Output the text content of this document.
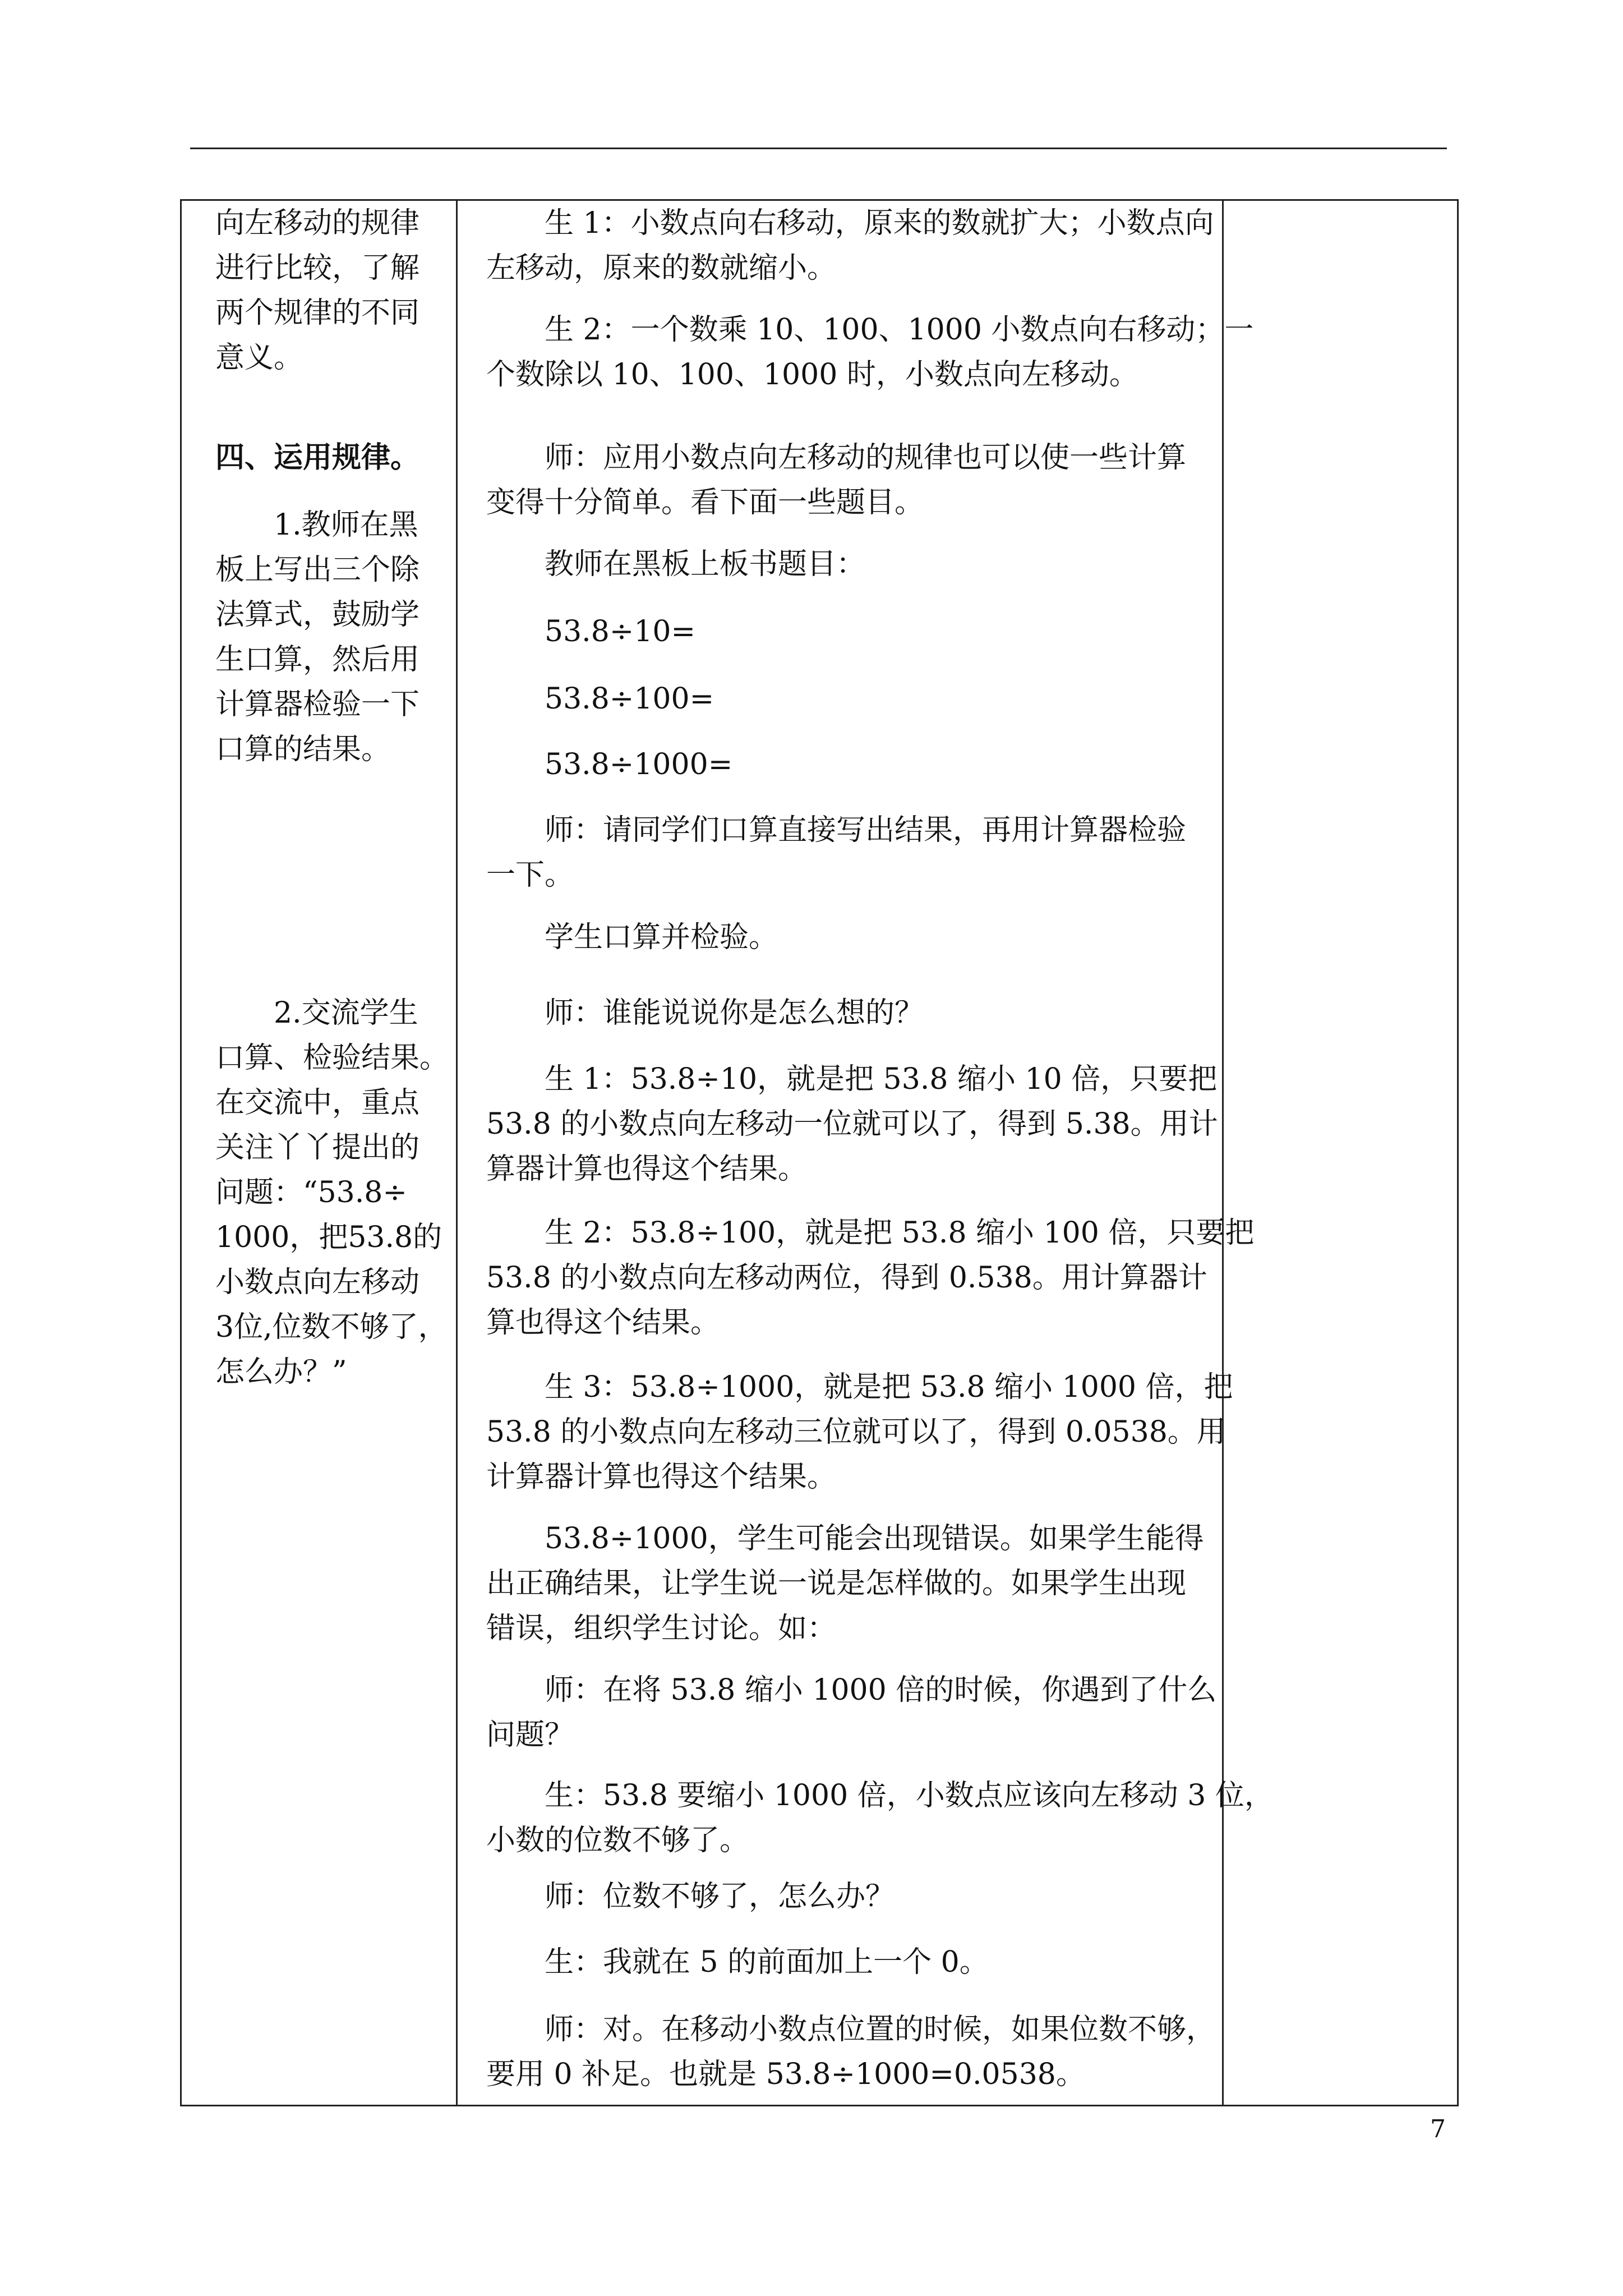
向左移动的规律
进行比较，了解
两个规律的不同
意义。
四、运用规律。
1.教师在黑
板上写出三个除
法算式，鼓励学
生口算，然后用
计算器检验一下
口算的结果。
2.交流学生
口算、检验结果。
在交流中，重点
关注丫丫提出的
问题：“53.8÷
1000，把53.8的
小数点向左移动
3位,位数不够了，
怎么办？”
生 1：小数点向右移动，原来的数就扩大；小数点向
左移动，原来的数就缩小。
生 2：一个数乘 10、100、1000 小数点向右移动；一
个数除以 10、100、1000 时，小数点向左移动。
师：应用小数点向左移动的规律也可以使一些计算
变得十分简单。看下面一些题目。
教师在黑板上板书题目：
53.8÷10=
53.8÷100=
53.8÷1000=
师：请同学们口算直接写出结果，再用计算器检验
一下。
学生口算并检验。
师：谁能说说你是怎么想的？
生 1：53.8÷10，就是把 53.8 缩小 10 倍，只要把
53.8 的小数点向左移动一位就可以了，得到 5.38。用计
算器计算也得这个结果。
生 2：53.8÷100，就是把 53.8 缩小 100 倍，只要把
53.8 的小数点向左移动两位，得到 0.538。用计算器计
算也得这个结果。
生 3：53.8÷1000，就是把 53.8 缩小 1000 倍，把
53.8 的小数点向左移动三位就可以了，得到 0.0538。用
计算器计算也得这个结果。
53.8÷1000，学生可能会出现错误。如果学生能得
出正确结果，让学生说一说是怎样做的。如果学生出现
错误，组织学生讨论。如：
师：在将 53.8 缩小 1000 倍的时候，你遇到了什么
问题？
生：53.8 要缩小 1000 倍，小数点应该向左移动 3 位，
小数的位数不够了。
师：位数不够了，怎么办？
生：我就在 5 的前面加上一个 0。
师：对。在移动小数点位置的时候，如果位数不够，
要用 0 补足。也就是 53.8÷1000=0.0538。
7
